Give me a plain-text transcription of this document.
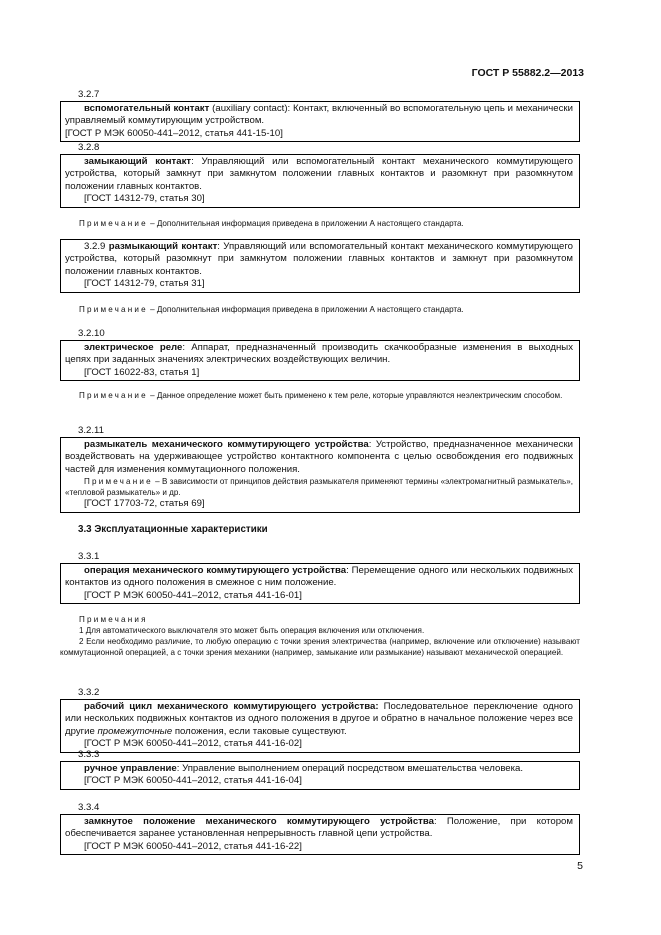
ГОСТ Р 55882.2—2013
3.2.7

вспомогательный контакт (auxiliary contact): Контакт, включенный во вспомогательную цепь и механически управляемый коммутирующим устройством.

[ГОСТ Р МЭК 60050-441–2012, статья 441-15-10]

3.2.8

замыкающий контакт: Управляющий или вспомогательный контакт механического коммутирующего устройства, который замкнут при замкнутом положении главных контактов и разомкнут при разомкнутом положении главных контактов.

[ГОСТ 14312-79, статья 30]

Примечание – Дополнительная информация приведена в приложении А настоящего стандарта.

3.2.9 размыкающий контакт: Управляющий или вспомогательный контакт механического коммутирующего устройства, который разомкнут при замкнутом положении главных контактов и замкнут при разомкнутом положении главных контактов.

[ГОСТ 14312-79, статья 31]

Примечание – Дополнительная информация приведена в приложении А настоящего стандарта.

3.2.10

электрическое реле: Аппарат, предназначенный производить скачкообразные изменения в выходных цепях при заданных значениях электрических воздействующих величин.

[ГОСТ 16022-83, статья 1]

Примечание – Данное определение может быть применено к тем реле, которые управляются неэлектрическим способом.

3.2.11

размыкатель механического коммутирующего устройства: Устройство, предназначенное механически воздействовать на удерживающее устройство контактного компонента с целью освобождения его подвижных частей для изменения коммутационного положения.

Примечание – В зависимости от принципов действия размыкателя применяют термины «электромагнитный размыкатель», «тепловой размыкатель» и др.

[ГОСТ 17703-72, статья 69]

3.3 Эксплуатационные характеристики
3.3.1

операция механического коммутирующего устройства: Перемещение одного или нескольких подвижных контактов из одного положения в смежное с ним положение.

[ГОСТ Р МЭК 60050-441–2012, статья 441-16-01]

Примечания

1 Для автоматического выключателя это может быть операция включения или отключения.

2 Если необходимо различие, то любую операцию с точки зрения электричества (например, включение или отключение) называют коммутационной операцией, а с точки зрения механики (например, замыкание или размыкание) называют механической операцией.

3.3.2

рабочий цикл механического коммутирующего устройства: Последовательное переключение одного или нескольких подвижных контактов из одного положения в другое и обратно в начальное положение через все другие промежуточные положения, если таковые существуют.

[ГОСТ Р МЭК 60050-441–2012, статья 441-16-02]

3.3.3

ручное управление: Управление выполнением операций посредством вмешательства человека.

[ГОСТ Р МЭК 60050-441–2012, статья 441-16-04]

3.3.4

замкнутое положение механического коммутирующего устройства: Положение, при котором обеспечивается заранее установленная непрерывность главной цепи устройства.

[ГОСТ Р МЭК 60050-441–2012, статья 441-16-22]

5
